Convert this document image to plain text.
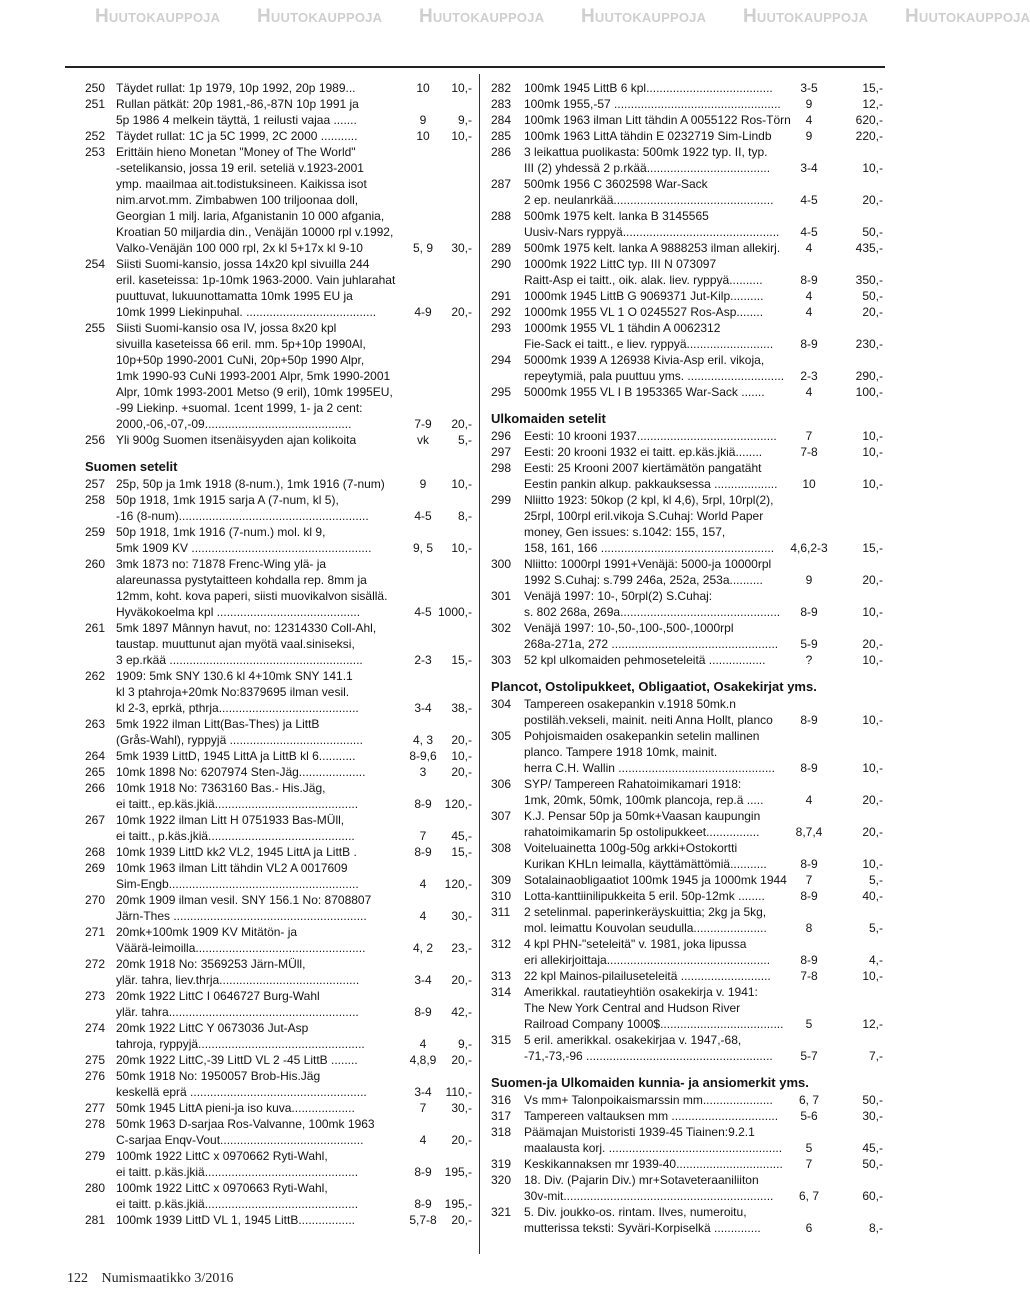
Huutokauppoja Huutokauppoja Huutokauppoja Huutokauppoja Huutokauppoja Huutokauppoja
250 Täydet rullat: 1p 1979, 10p 1992, 20p 1989...	10	10,-
251 Rullan pätkät: 20p 1981,-86,-87N 10p 1991 ja
5p 1986 4 melkein täyttä, 1 reilusti vajaa .......	9	9,-
252 Täydet rullat: 1C ja 5C 1999, 2C 2000 ...........	10	10,-
253 Erittäin hieno Monetan "Money of The World"
-setelikansio, jossa 19 eril. seteliä v.1923-2001
ymp. maailmaa ait.todistuksineen. Kaikissa isot
nim.arvot.mm. Zimbabwen 100 triljoonaa doll,
Georgian 1 milj. laria, Afganistanin 10 000 afgania,
Kroatian 50 miljardia din., Venäjän 10000 rpl v.1992,
Valko-Venäjän 100 000 rpl, 2x kl 5+17x kl 9-10	5, 9	30,-
254 Siisti Suomi-kansio, jossa 14x20 kpl sivuilla 244
eril. kaseteissa: 1p-10mk 1963-2000. Vain juhlarahat
puuttuvat, lukuunottamatta 10mk 1995 EU ja
10mk 1999 Liekinpuhal. .......................................	4-9	20,-
255 Siisti Suomi-kansio osa IV, jossa 8x20 kpl
sivuilla kaseteissa 66 eril. mm. 5p+10p 1990Al,
10p+50p 1990-2001 CuNi, 20p+50p 1990 Alpr,
1mk 1990-93 CuNi 1993-2001 Alpr, 5mk 1990-2001
Alpr, 10mk 1993-2001 Metso (9 eril), 10mk 1995EU,
-99 Liekinp. +suomal. 1cent 1999, 1- ja 2 cent:
2000,-06,-07,-09............................................	7-9	20,-
256 Yli 900g Suomen itsenäisyyden ajan kolikoita	vk	5,-
Suomen setelit
257 25p, 50p ja 1mk 1918 (8-num.), 1mk 1916 (7-num)	9	10,-
258 50p 1918, 1mk 1915 sarja A (7-num, kl 5),
-16 (8-num).........................................................	4-5	8,-
259 50p 1918, 1mk 1916 (7-num.) mol. kl 9,
5mk 1909 KV ......................................................	9, 5	10,-
260 3mk 1873 no: 71878 Frenc-Wing ylä- ja
alareunassa pystytaitteen kohdalla rep. 8mm ja
12mm, koht. kova paperi, siisti muovikalvon sisällä.
Hyväkokoelma kpl ...........................................	4-5 1000,-
261 5mk 1897 Mânnyn havut, no: 12314330 Coll-Ahl,
taustap. muuttunut ajan myötä vaal.siniseksi,
3 ep.rkää ..........................................................	2-3	15,-
262 1909: 5mk SNY 130.6 kl 4+10mk SNY 141.1
kl 3 ptahroja+20mk No:8379695 ilman vesil.
kl 2-3, eprkä, pthrja..........................................	3-4	38,-
263 5mk 1922 ilman Litt(Bas-Thes) ja LittB
(Grås-Wahl), ryppyjä ........................................	4, 3	20,-
264 5mk 1939 LittD, 1945 LittA ja LittB kl 6...........	8-9,6	10,-
265 10mk 1898 No: 6207974 Sten-Jäg....................	3	20,-
266 10mk 1918 No: 7363160 Bas.- His.Jäg,
ei taitt., ep.käs.jkiä...........................................	8-9	120,-
267 10mk 1922 ilman Litt H 0751933 Bas-MÜll,
ei taitt., p.käs.jkiä............................................	7	45,-
268 10mk 1939 LittD kk2 VL2, 1945 LittA ja LittB .	8-9	15,-
269 10mk 1963 ilman Litt tähdin VL2 A 0017609
Sim-Engb.........................................................	4	120,-
270 20mk 1909 ilman vesil. SNY 156.1 No: 8708807
Järn-Thes ..........................................................	4	30,-
271 20mk+100mk 1909 KV Mitätön- ja
Väärä-leimoilla...................................................	4, 2	23,-
272 20mk 1918 No: 3569253 Järn-MÜll,
ylär. tahra, liev.thrja..........................................	3-4	20,-
273 20mk 1922 LittC I 0646727 Burg-Wahl
ylär. tahra.........................................................	8-9	42,-
274 20mk 1922 LittC Y 0673036 Jut-Asp
tahroja, ryppyjä..................................................	4	9,-
275 20mk 1922 LittC,-39 LittD VL 2 -45 LittB ........	4,8,9	20,-
276 50mk 1918 No: 1950057 Brob-His.Jäg
keskellä eprä .....................................................	3-4	110,-
277 50mk 1945 LittA pieni-ja iso kuva...................	7	30,-
278 50mk 1963 D-sarjaa Ros-Valvanne, 100mk 1963
C-sarjaa Enqv-Vout...........................................	4	20,-
279 100mk 1922 LittC x 0970662 Ryti-Wahl,
ei taitt. p.käs.jkiä..............................................	8-9	195,-
280 100mk 1922 LittC x 0970663 Ryti-Wahl,
ei taitt. p.käs.jkiä..............................................	8-9	195,-
281 100mk 1939 LittD VL 1, 1945 LittB.................	5,7-8	20,-
282 100mk 1945 LittB 6 kpl......................................	3-5	15,-
283 100mk 1955,-57 ..................................................	9	12,-
284 100mk 1963 ilman Litt tähdin A 0055122 Ros-Törn	4	620,-
285 100mk 1963 LittA tähdin E 0232719 Sim-Lindb	9	220,-
286 3 leikattua puolikasta: 500mk 1922 typ. II, typ.
III (2) yhdessä 2 p.rkää.....................................	3-4	10,-
287 500mk 1956 C 3602598 War-Sack
2 ep. neulanrkää................................................	4-5	20,-
288 500mk 1975 kelt. lanka B 3145565
Uusiv-Nars ryppyä...............................................	4-5	50,-
289 500mk 1975 kelt. lanka A 9888253 ilman allekirj.	4	435,-
290 1000mk 1922 LittC typ. III N 073097
Raitt-Asp ei taitt., oik. alak. liev. ryppyä..........	8-9	350,-
291 1000mk 1945 LittB G 9069371 Jut-Kilp..........	4	50,-
292 1000mk 1955 VL 1 O 0245527 Ros-Asp........	4	20,-
293 1000mk 1955 VL 1 tähdin A 0062312
Fie-Sack ei taitt., e liev. ryppyä..........................	8-9	230,-
294 5000mk 1939 A 126938 Kivia-Asp eril. vikoja,
repeytymiä, pala puuttuu yms. .............................	2-3	290,-
295 5000mk 1955 VL I B 1953365 War-Sack .......	4	100,-
Ulkomaiden setelit
296 Eesti: 10 krooni 1937..........................................	7	10,-
297 Eesti: 20 krooni 1932 ei taitt. ep.käs.jkiä........	7-8	10,-
298 Eesti: 25 Krooni 2007 kiertämätön pangatäht
Eestin pankin alkup. pakkauksessa ...................	10	10,-
299 Nliitto 1923: 50kop (2 kpl, kl 4,6), 5rpl, 10rpl(2),
25rpl, 100rpl eril.vikoja S.Cuhaj: World Paper
money, Gen issues: s.1042: 155, 157,
158, 161, 166 ....................................................	4,6,2-3	15,-
300 Nliitto: 1000rpl 1991+Venäjä: 5000-ja 10000rpl
1992 S.Cuhaj: s.799 246a, 252a, 253a..........	9	20,-
301 Venäjä 1997: 10-, 50rpl(2) S.Cuhaj:
s. 802 268a, 269a................................................	8-9	10,-
302 Venäjä 1997: 10-,50-,100-,500-,1000rpl
268a-271a, 272 ..................................................	5-9	20,-
303 52 kpl ulkomaiden pehmoseteleitä .................	?	10,-
Plancot, Ostolipukkeet, Obligaatiot, Osakekirjat yms.
304 Tampereen osakepankin v.1918 50mk.n
postiläh.vekseli, mainit. neiti Anna Hollt, planco	8-9	10,-
305 Pohjoismaiden osakepankin setelin mallinen
planco. Tampere 1918 10mk, mainit.
herra C.H. Wallin ...............................................	8-9	10,-
306 SYP/ Tampereen Rahatoimikamari 1918:
1mk, 20mk, 50mk, 100mk plancoja, rep.ä .....	4	20,-
307 K.J. Pensar 50p ja 50mk+Vaasan kaupungin
rahatoimikamarin 5p ostolipukkeet................	8,7,4	20,-
308 Voiteluainetta 100g-50g arkki+Ostokortti
Kurikan KHLn leimalla, käyttämättömiä...........	8-9	10,-
309 Sotalainaobligaatiot 100mk 1945 ja 1000mk 1944	7	5,-
310 Lotta-kanttiinilipukkeita 5 eril. 50p-12mk ........	8-9	40,-
311 2 setelinmal. paperinkeräyskuittia; 2kg ja 5kg,
mol. leimattu Kouvolan seudulla......................	8	5,-
312 4 kpl PHN-"seteleitä" v. 1981, joka lipussa
eri allekirjoittaja.................................................	8-9	4,-
313 22 kpl Mainos-pilailuseteleitä ...........................	7-8	10,-
314 Amerikkal. rautatieyhtiön osakekirja v. 1941:
The New York Central and Hudson River
Railroad Company 1000$.....................................	5	12,-
315 5 eril. amerikkal. osakekirjaa v. 1947,-68,
-71,-73,-96 ........................................................	5-7	7,-
Suomen-ja Ulkomaiden kunnia- ja ansiomerkit yms.
316 Vs mm+ Talonpoikaismarssin mm.....................	6, 7	50,-
317 Tampereen valtauksen mm ................................	5-6	30,-
318 Päämajan Muistoristi 1939-45 Tiainen:9.2.1
maalausta korj. ....................................................	5	45,-
319 Keskikannaksen mr 1939-40................................	7	50,-
320 18. Div. (Pajarin Div.) mr+Sotaveteraaniliiton
30v-mit...............................................................	6, 7	60,-
321 5. Div. joukko-os. rintam. Ilves, numeroitu,
mutterissa teksti: Syväri-Korpiselkä ..............	6	8,-
122 Numismaatikko 3/2016
